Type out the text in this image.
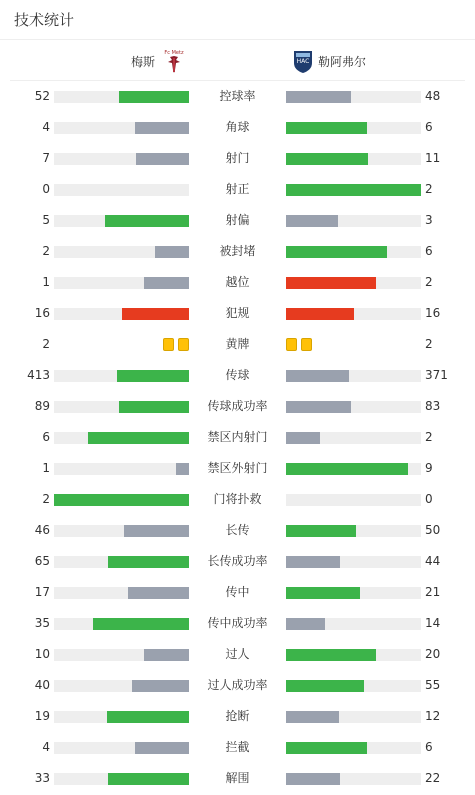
技术统计
梅斯
Fc Metz
HAC 勒阿弗尔
52	控球率	48
4	角球	6
7	射门	11
0	射正	2
5	射偏	3
2	被封堵	6
1	越位	2
16	犯规	16
2	黄牌	2
413	传球	371
89	传球成功率	83
6	禁区内射门	2
1	禁区外射门	9
2	门将扑救	0
46	长传	50
65	长传成功率	44
17	传中	21
35	传中成功率	14
10	过人	20
40	过人成功率	55
19	抢断	12
4	拦截	6
33	解围	22
